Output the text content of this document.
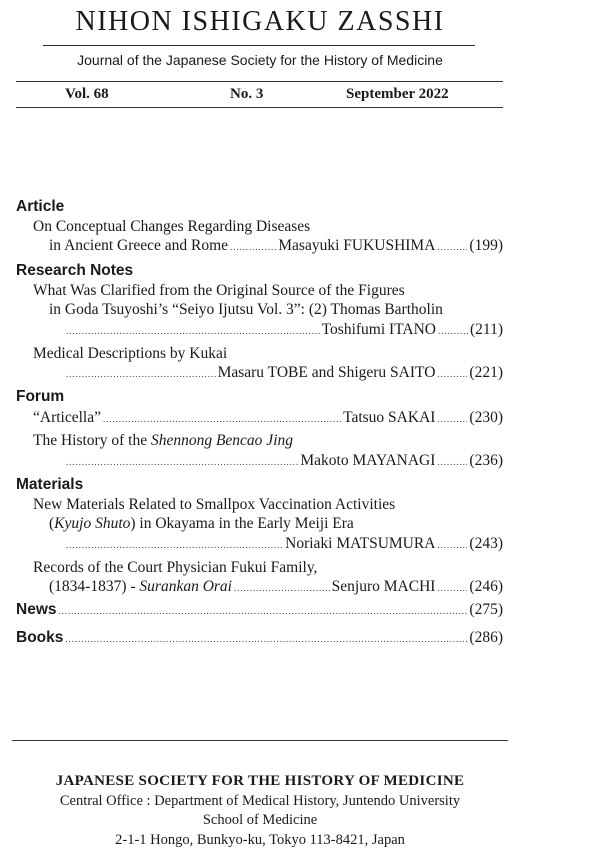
NIHON ISHIGAKU ZASSHI
Journal of the Japanese Society for the History of Medicine
Vol. 68	No. 3	September 2022
Article
On Conceptual Changes Regarding Diseases
in Ancient Greece and Rome .....	Masayuki FUKUSHIMA ..... (199)
Research Notes
What Was Clarified from the Original Source of the Figures
in Goda Tsuyoshi’s “Seiyo Ijutsu Vol. 3”: (2) Thomas Bartholin
.....
Toshifumi ITANO ..... (211)
Medical Descriptions by Kukai
.....
Masaru TOBE and Shigeru SAITO ..... (221)
Forum
“Articella” .....	Tatsuo SAKAI ..... (230)
The History of the Shennong Bencao Jing
.....
Makoto MAYANAGI ..... (236)
Materials
New Materials Related to Smallpox Vaccination Activities
(Kyujo Shuto) in Okayama in the Early Meiji Era
.....
Noriaki MATSUMURA ..... (243)
Records of the Court Physician Fukui Family,
(1834-1837) - Surankan Orai .....	Senjuro MACHI ..... (246)
News .....	(275)
Books .....	(286)
JAPANESE SOCIETY FOR THE HISTORY OF MEDICINE
Central Office : Department of Medical History, Juntendo University
School of Medicine
2-1-1 Hongo, Bunkyo-ku, Tokyo 113-8421, Japan
